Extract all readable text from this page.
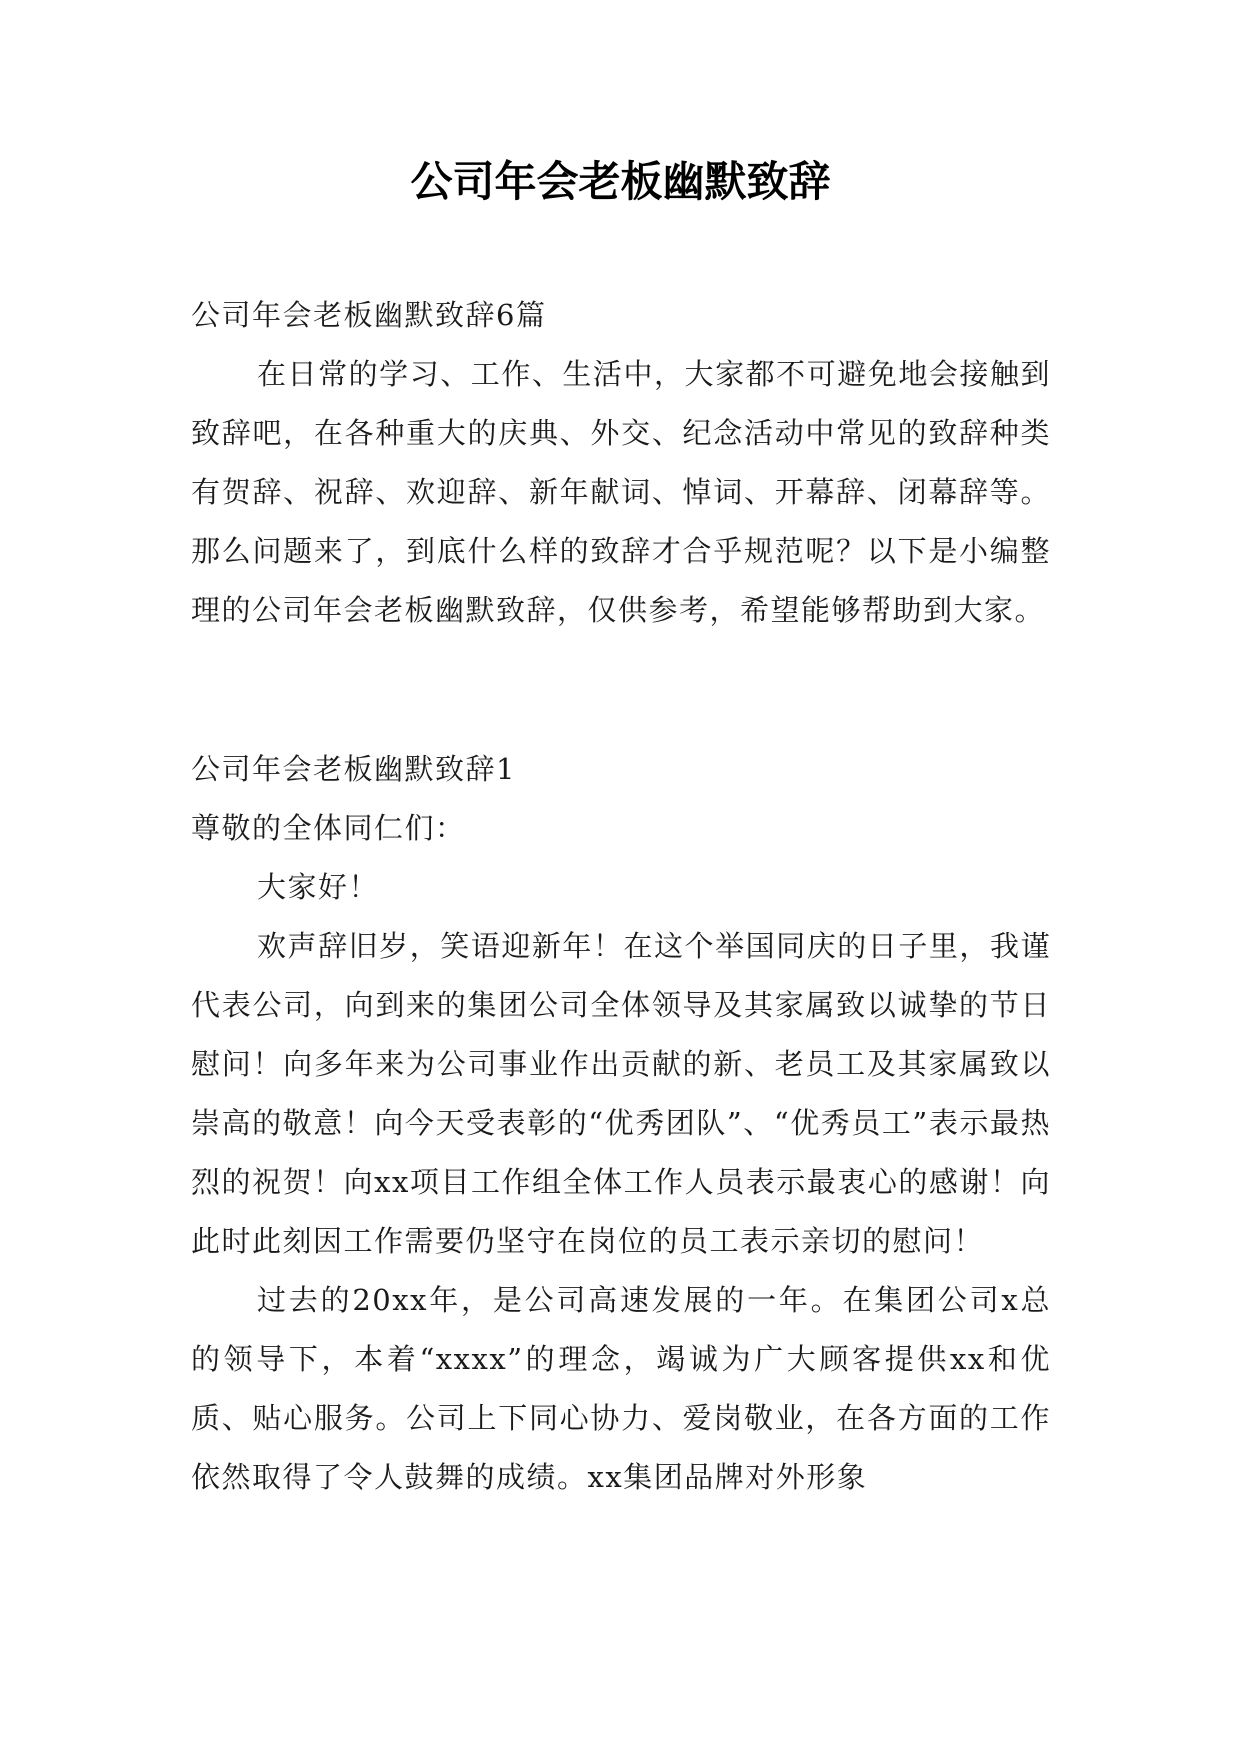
公司年会老板幽默致辞

公司年会老板幽默致辞6篇

在日常的学习、工作、生活中，大家都不可避免地会接触到致辞吧，在各种重大的庆典、外交、纪念活动中常见的致辞种类有贺辞、祝辞、欢迎辞、新年献词、悼词、开幕辞、闭幕辞等。那么问题来了，到底什么样的致辞才合乎规范呢？以下是小编整理的公司年会老板幽默致辞，仅供参考，希望能够帮助到大家。

公司年会老板幽默致辞1

尊敬的全体同仁们：

大家好！

欢声辞旧岁，笑语迎新年！在这个举国同庆的日子里，我谨代表公司，向到来的集团公司全体领导及其家属致以诚挚的节日慰问！向多年来为公司事业作出贡献的新、老员工及其家属致以崇高的敬意！向今天受表彰的“优秀团队”、“优秀员工”表示最热烈的祝贺！向xx项目工作组全体工作人员表示最衷心的感谢！向此时此刻因工作需要仍坚守在岗位的员工表示亲切的慰问！

过去的20xx年，是公司高速发展的一年。在集团公司x总的领导下，本着“xxxx”的理念，竭诚为广大顾客提供xx和优质、贴心服务。公司上下同心协力、爱岗敬业，在各方面的工作依然取得了令人鼓舞的成绩。xx集团品牌对外形象
